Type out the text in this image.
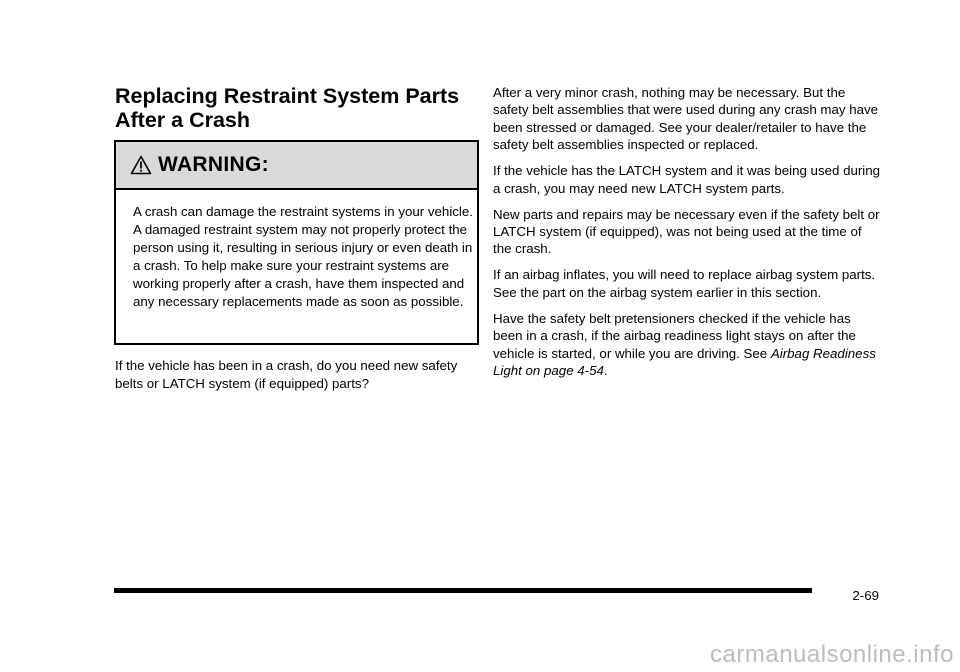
Replacing Restraint System Parts
After a Crash
WARNING:

A crash can damage the restraint systems in your vehicle. A damaged restraint system may not properly protect the person using it, resulting in serious injury or even death in a crash. To help make sure your restraint systems are working properly after a crash, have them inspected and any necessary replacements made as soon as possible.

If the vehicle has been in a crash, do you need new safety belts or LATCH system (if equipped) parts?

After a very minor crash, nothing may be necessary. But the safety belt assemblies that were used during any crash may have been stressed or damaged. See your dealer/retailer to have the safety belt assemblies inspected or replaced.

If the vehicle has the LATCH system and it was being used during a crash, you may need new LATCH system parts.

New parts and repairs may be necessary even if the safety belt or LATCH system (if equipped), was not being used at the time of the crash.

If an airbag inflates, you will need to replace airbag system parts. See the part on the airbag system earlier in this section.

Have the safety belt pretensioners checked if the vehicle has been in a crash, if the airbag readiness light stays on after the vehicle is started, or while you are driving. See Airbag Readiness Light on page 4-54.

2-69
carmanualsonline.info
